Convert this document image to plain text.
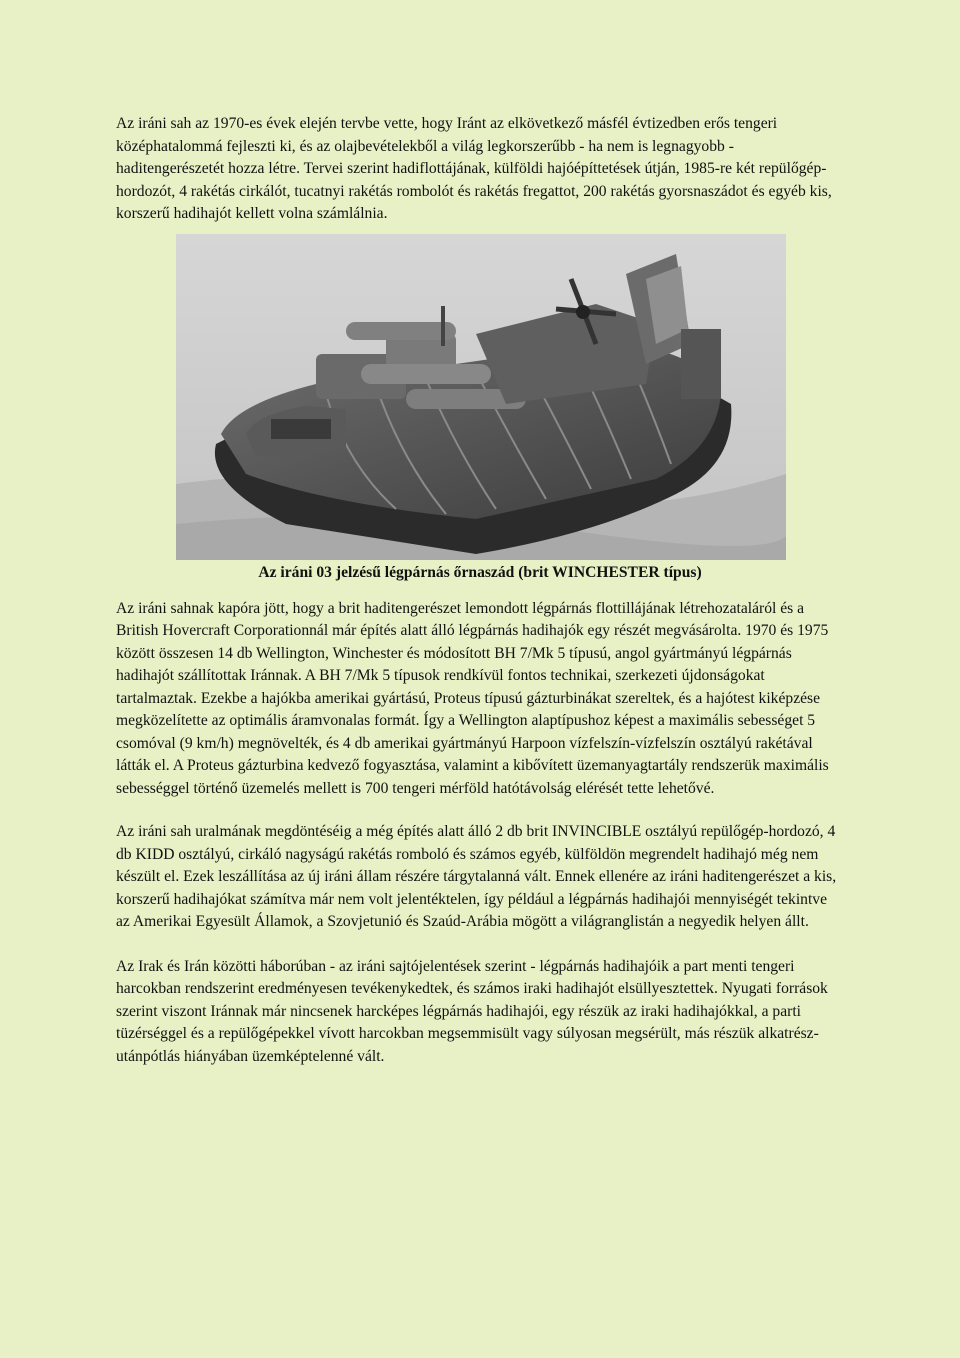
Az iráni sah az 1970-es évek elején tervbe vette, hogy Iránt az elkövetkező másfél évtizedben erős tengeri középhatalommá fejleszti ki, és az olajbevételekből a világ legkorszerűbb - ha nem is legnagyobb - haditengerészetét hozza létre. Tervei szerint hadiflottájának, külföldi hajóépíttetések útján, 1985-re két repülőgép-hordozót, 4 rakétás cirkálót, tucatnyi rakétás rombolót és rakétás fregattot, 200 rakétás gyorsnaszádot és egyéb kis, korszerű hadihajót kellett volna számlálnia.

Az iráni 03 jelzésű légpárnás őrnaszád (brit WINCHESTER típus)

Az iráni sahnak kapóra jött, hogy a brit haditengerészet lemondott légpárnás flottillájának létrehozataláról és a British Hovercraft Corporationnál már építés alatt álló légpárnás hadihajók egy részét megvásárolta. 1970 és 1975 között összesen 14 db Wellington, Winchester és módosított BH 7/Mk 5 típusú, angol gyártmányú légpárnás hadihajót szállítottak Iránnak. A BH 7/Mk 5 típusok rendkívül fontos technikai, szerkezeti újdonságokat tartalmaztak. Ezekbe a hajókba amerikai gyártású, Proteus típusú gázturbinákat szereltek, és a hajótest kiképzése megközelítette az optimális áramvonalas formát. Így a Wellington alaptípushoz képest a maximális sebességet 5 csomóval (9 km/h) megnövelték, és 4 db amerikai gyártmányú Harpoon vízfelszín-vízfelszín osztályú rakétával látták el. A Proteus gázturbina kedvező fogyasztása, valamint a kibővített üzemanyagtartály rendszerük maximális sebességgel történő üzemelés mellett is 700 tengeri mérföld hatótávolság elérését tette lehetővé.

Az iráni sah uralmának megdöntéséig a még építés alatt álló 2 db brit INVINCIBLE osztályú repülőgép-hordozó, 4 db KIDD osztályú, cirkáló nagyságú rakétás romboló és számos egyéb, külföldön megrendelt hadihajó még nem készült el. Ezek leszállítása az új iráni állam részére tárgytalanná vált. Ennek ellenére az iráni haditengerészet a kis, korszerű hadihajókat számítva már nem volt jelentéktelen, így például a légpárnás hadihajói mennyiségét tekintve az Amerikai Egyesült Államok, a Szovjetunió és Szaúd-Arábia mögött a világranglistán a negyedik helyen állt.

Az Irak és Irán közötti háborúban - az iráni sajtójelentések szerint - légpárnás hadihajóik a part menti tengeri harcokban rendszerint eredményesen tevékenykedtek, és számos iraki hadihajót elsüllyesztettek. Nyugati források szerint viszont Iránnak már nincsenek harcképes légpárnás hadihajói, egy részük az iraki hadihajókkal, a parti tüzérséggel és a repülőgépekkel vívott harcokban megsemmisült vagy súlyosan megsérült, más részük alkatrész-utánpótlás hiányában üzemképtelenné vált.
